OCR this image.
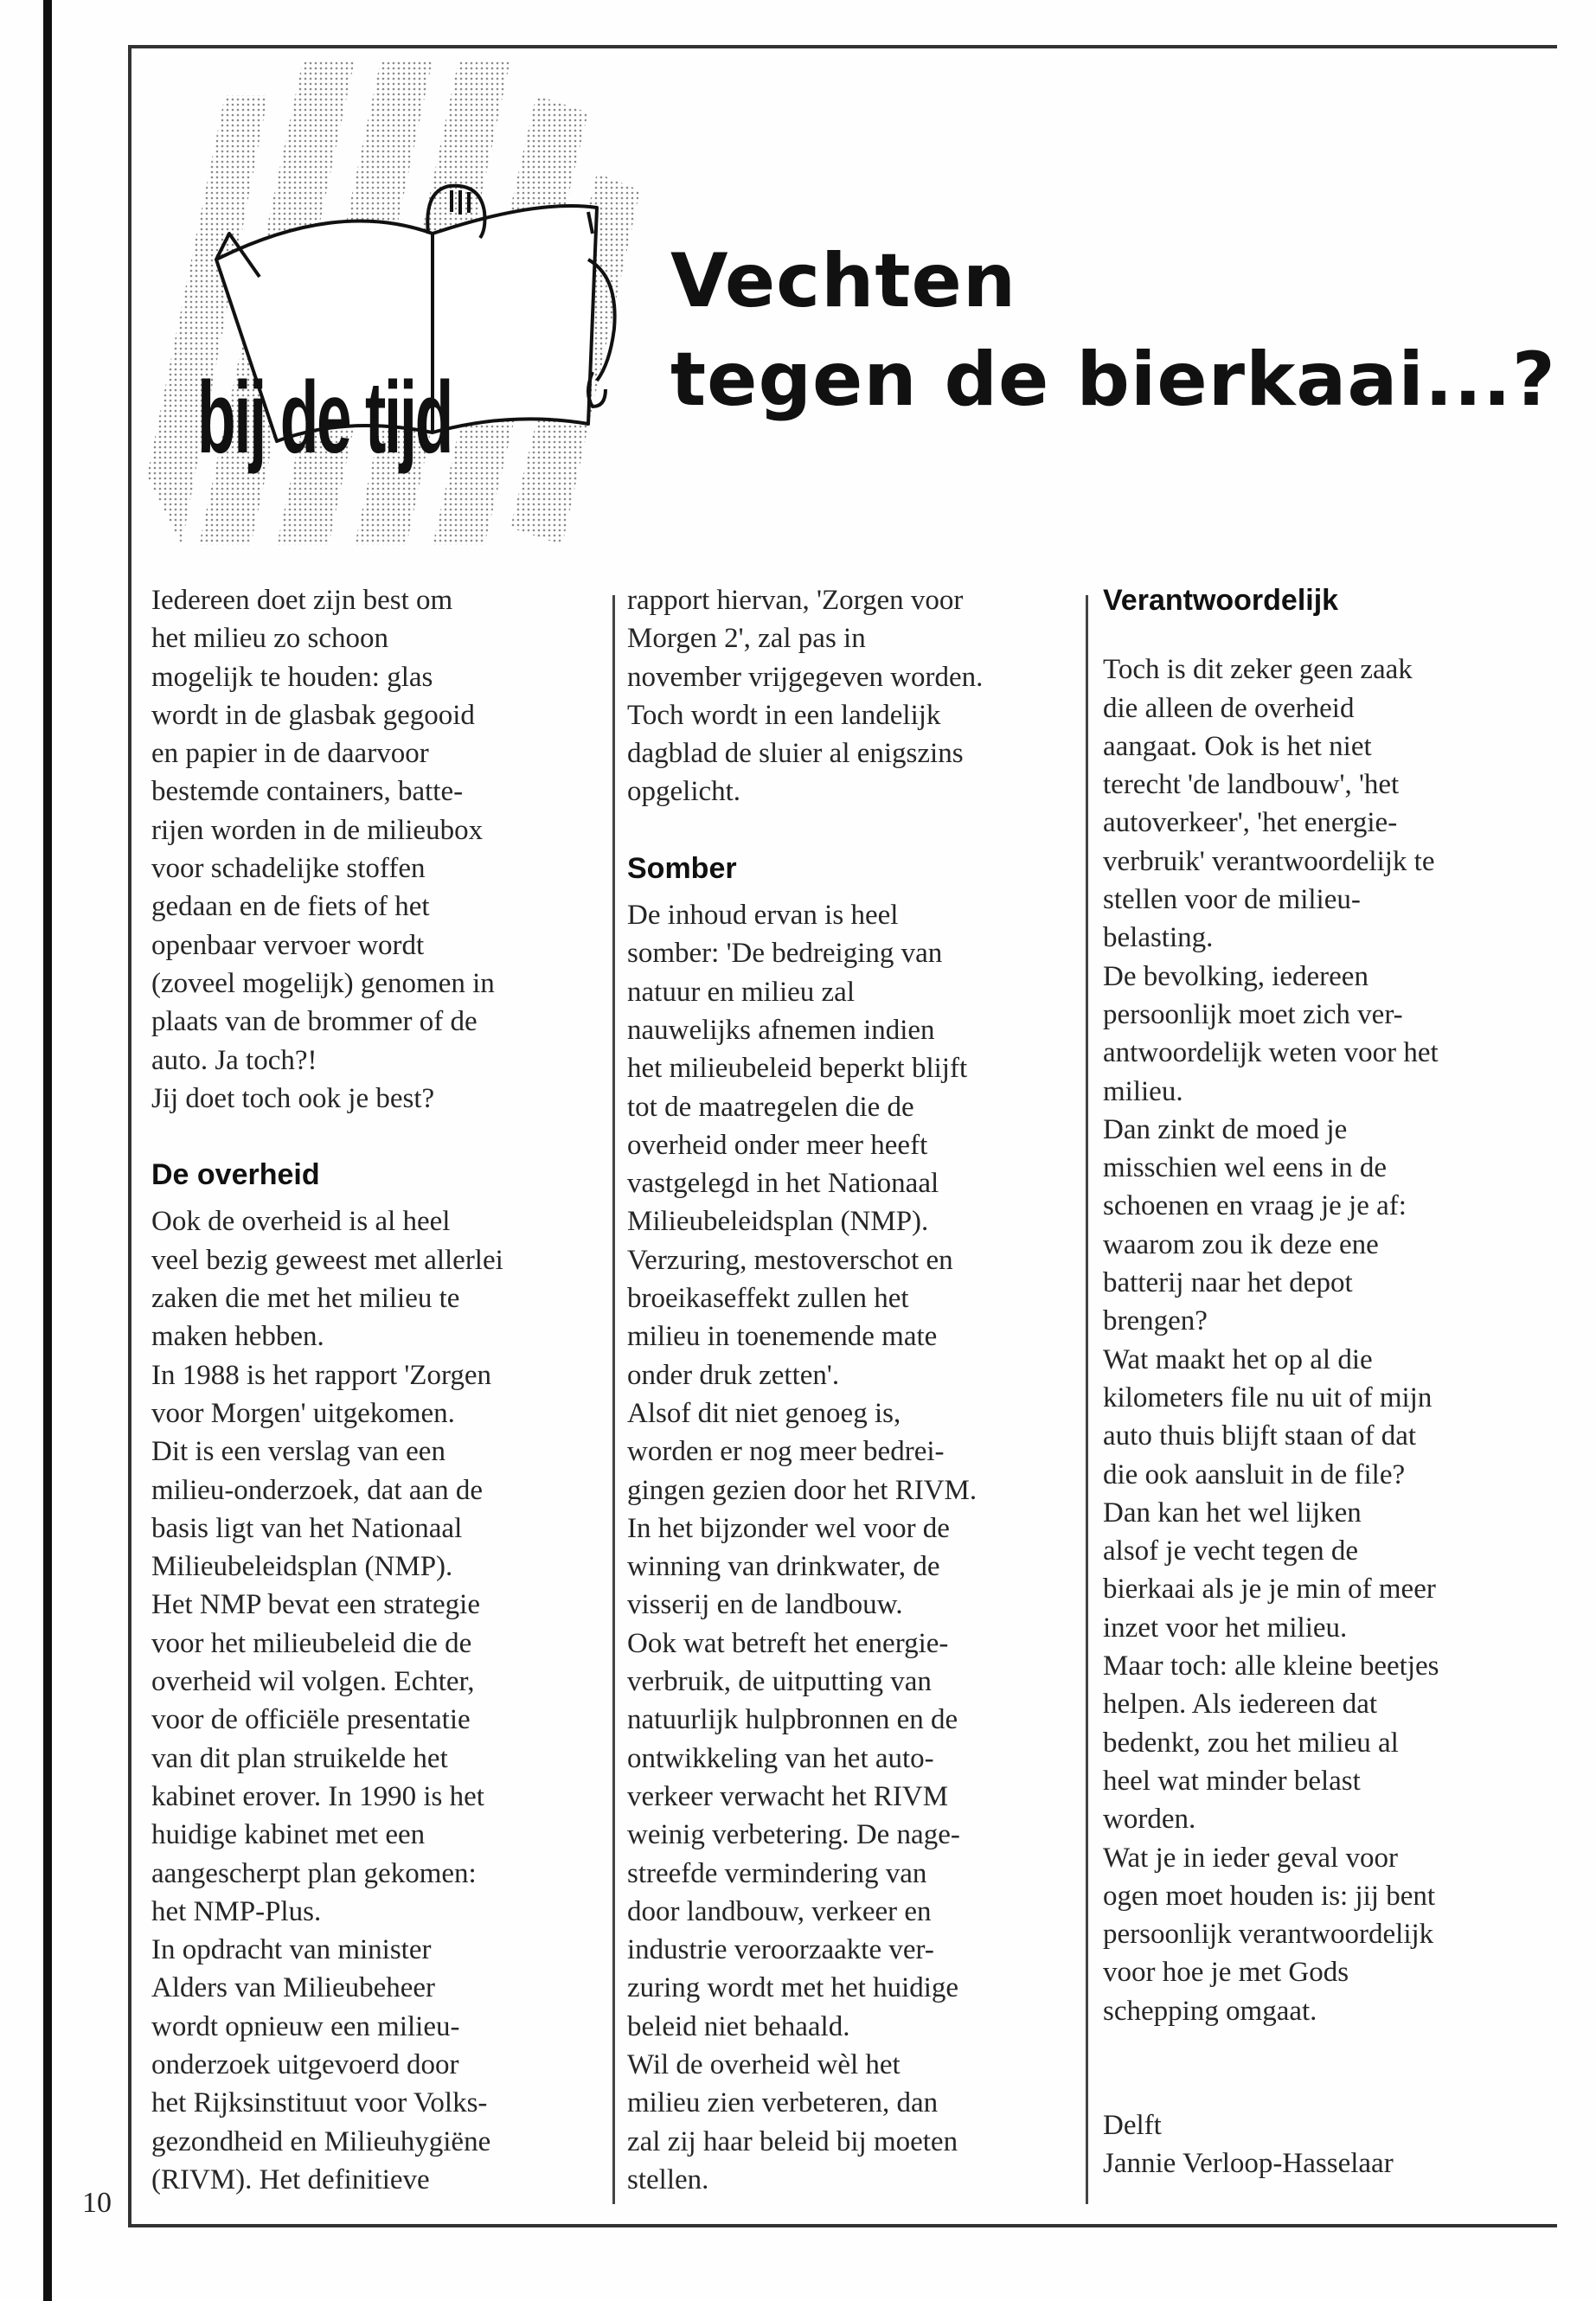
10
bij de tijd
Vechten
tegen de bierkaai...?
Iedereen doet zijn best om
het milieu zo schoon
mogelijk te houden: glas
wordt in de glasbak gegooid
en papier in de daarvoor
bestemde containers, batte-
rijen worden in de milieubox
voor schadelijke stoffen
gedaan en de fiets of het
openbaar vervoer wordt
(zoveel mogelijk) genomen in
plaats van de brommer of de
auto. Ja toch?!
Jij doet toch ook je best?
De overheid
Ook de overheid is al heel
veel bezig geweest met allerlei
zaken die met het milieu te
maken hebben.
In 1988 is het rapport 'Zorgen
voor Morgen' uitgekomen.
Dit is een verslag van een
milieu-onderzoek, dat aan de
basis ligt van het Nationaal
Milieubeleidsplan (NMP).
Het NMP bevat een strategie
voor het milieubeleid die de
overheid wil volgen. Echter,
voor de officiële presentatie
van dit plan struikelde het
kabinet erover. In 1990 is het
huidige kabinet met een
aangescherpt plan gekomen:
het NMP-Plus.
In opdracht van minister
Alders van Milieubeheer
wordt opnieuw een milieu-
onderzoek uitgevoerd door
het Rijksinstituut voor Volks-
gezondheid en Milieuhygiëne
(RIVM). Het definitieve
rapport hiervan, 'Zorgen voor
Morgen 2', zal pas in
november vrijgegeven worden.
Toch wordt in een landelijk
dagblad de sluier al enigszins
opgelicht.
Somber
De inhoud ervan is heel
somber: 'De bedreiging van
natuur en milieu zal
nauwelijks afnemen indien
het milieubeleid beperkt blijft
tot de maatregelen die de
overheid onder meer heeft
vastgelegd in het Nationaal
Milieubeleidsplan (NMP).
Verzuring, mestoverschot en
broeikaseffekt zullen het
milieu in toenemende mate
onder druk zetten'.
Alsof dit niet genoeg is,
worden er nog meer bedrei-
gingen gezien door het RIVM.
In het bijzonder wel voor de
winning van drinkwater, de
visserij en de landbouw.
Ook wat betreft het energie-
verbruik, de uitputting van
natuurlijk hulpbronnen en de
ontwikkeling van het auto-
verkeer verwacht het RIVM
weinig verbetering. De nage-
streefde vermindering van
door landbouw, verkeer en
industrie veroorzaakte ver-
zuring wordt met het huidige
beleid niet behaald.
Wil de overheid wèl het
milieu zien verbeteren, dan
zal zij haar beleid bij moeten
stellen.
Verantwoordelijk
Toch is dit zeker geen zaak
die alleen de overheid
aangaat. Ook is het niet
terecht 'de landbouw', 'het
autoverkeer', 'het energie-
verbruik' verantwoordelijk te
stellen voor de milieu-
belasting.
De bevolking, iedereen
persoonlijk moet zich ver-
antwoordelijk weten voor het
milieu.
Dan zinkt de moed je
misschien wel eens in de
schoenen en vraag je je af:
waarom zou ik deze ene
batterij naar het depot
brengen?
Wat maakt het op al die
kilometers file nu uit of mijn
auto thuis blijft staan of dat
die ook aansluit in de file?
Dan kan het wel lijken
alsof je vecht tegen de
bierkaai als je je min of meer
inzet voor het milieu.
Maar toch: alle kleine beetjes
helpen. Als iedereen dat
bedenkt, zou het milieu al
heel wat minder belast
worden.
Wat je in ieder geval voor
ogen moet houden is: jij bent
persoonlijk verantwoordelijk
voor hoe je met Gods
schepping omgaat.
Delft
Jannie Verloop-Hasselaar
